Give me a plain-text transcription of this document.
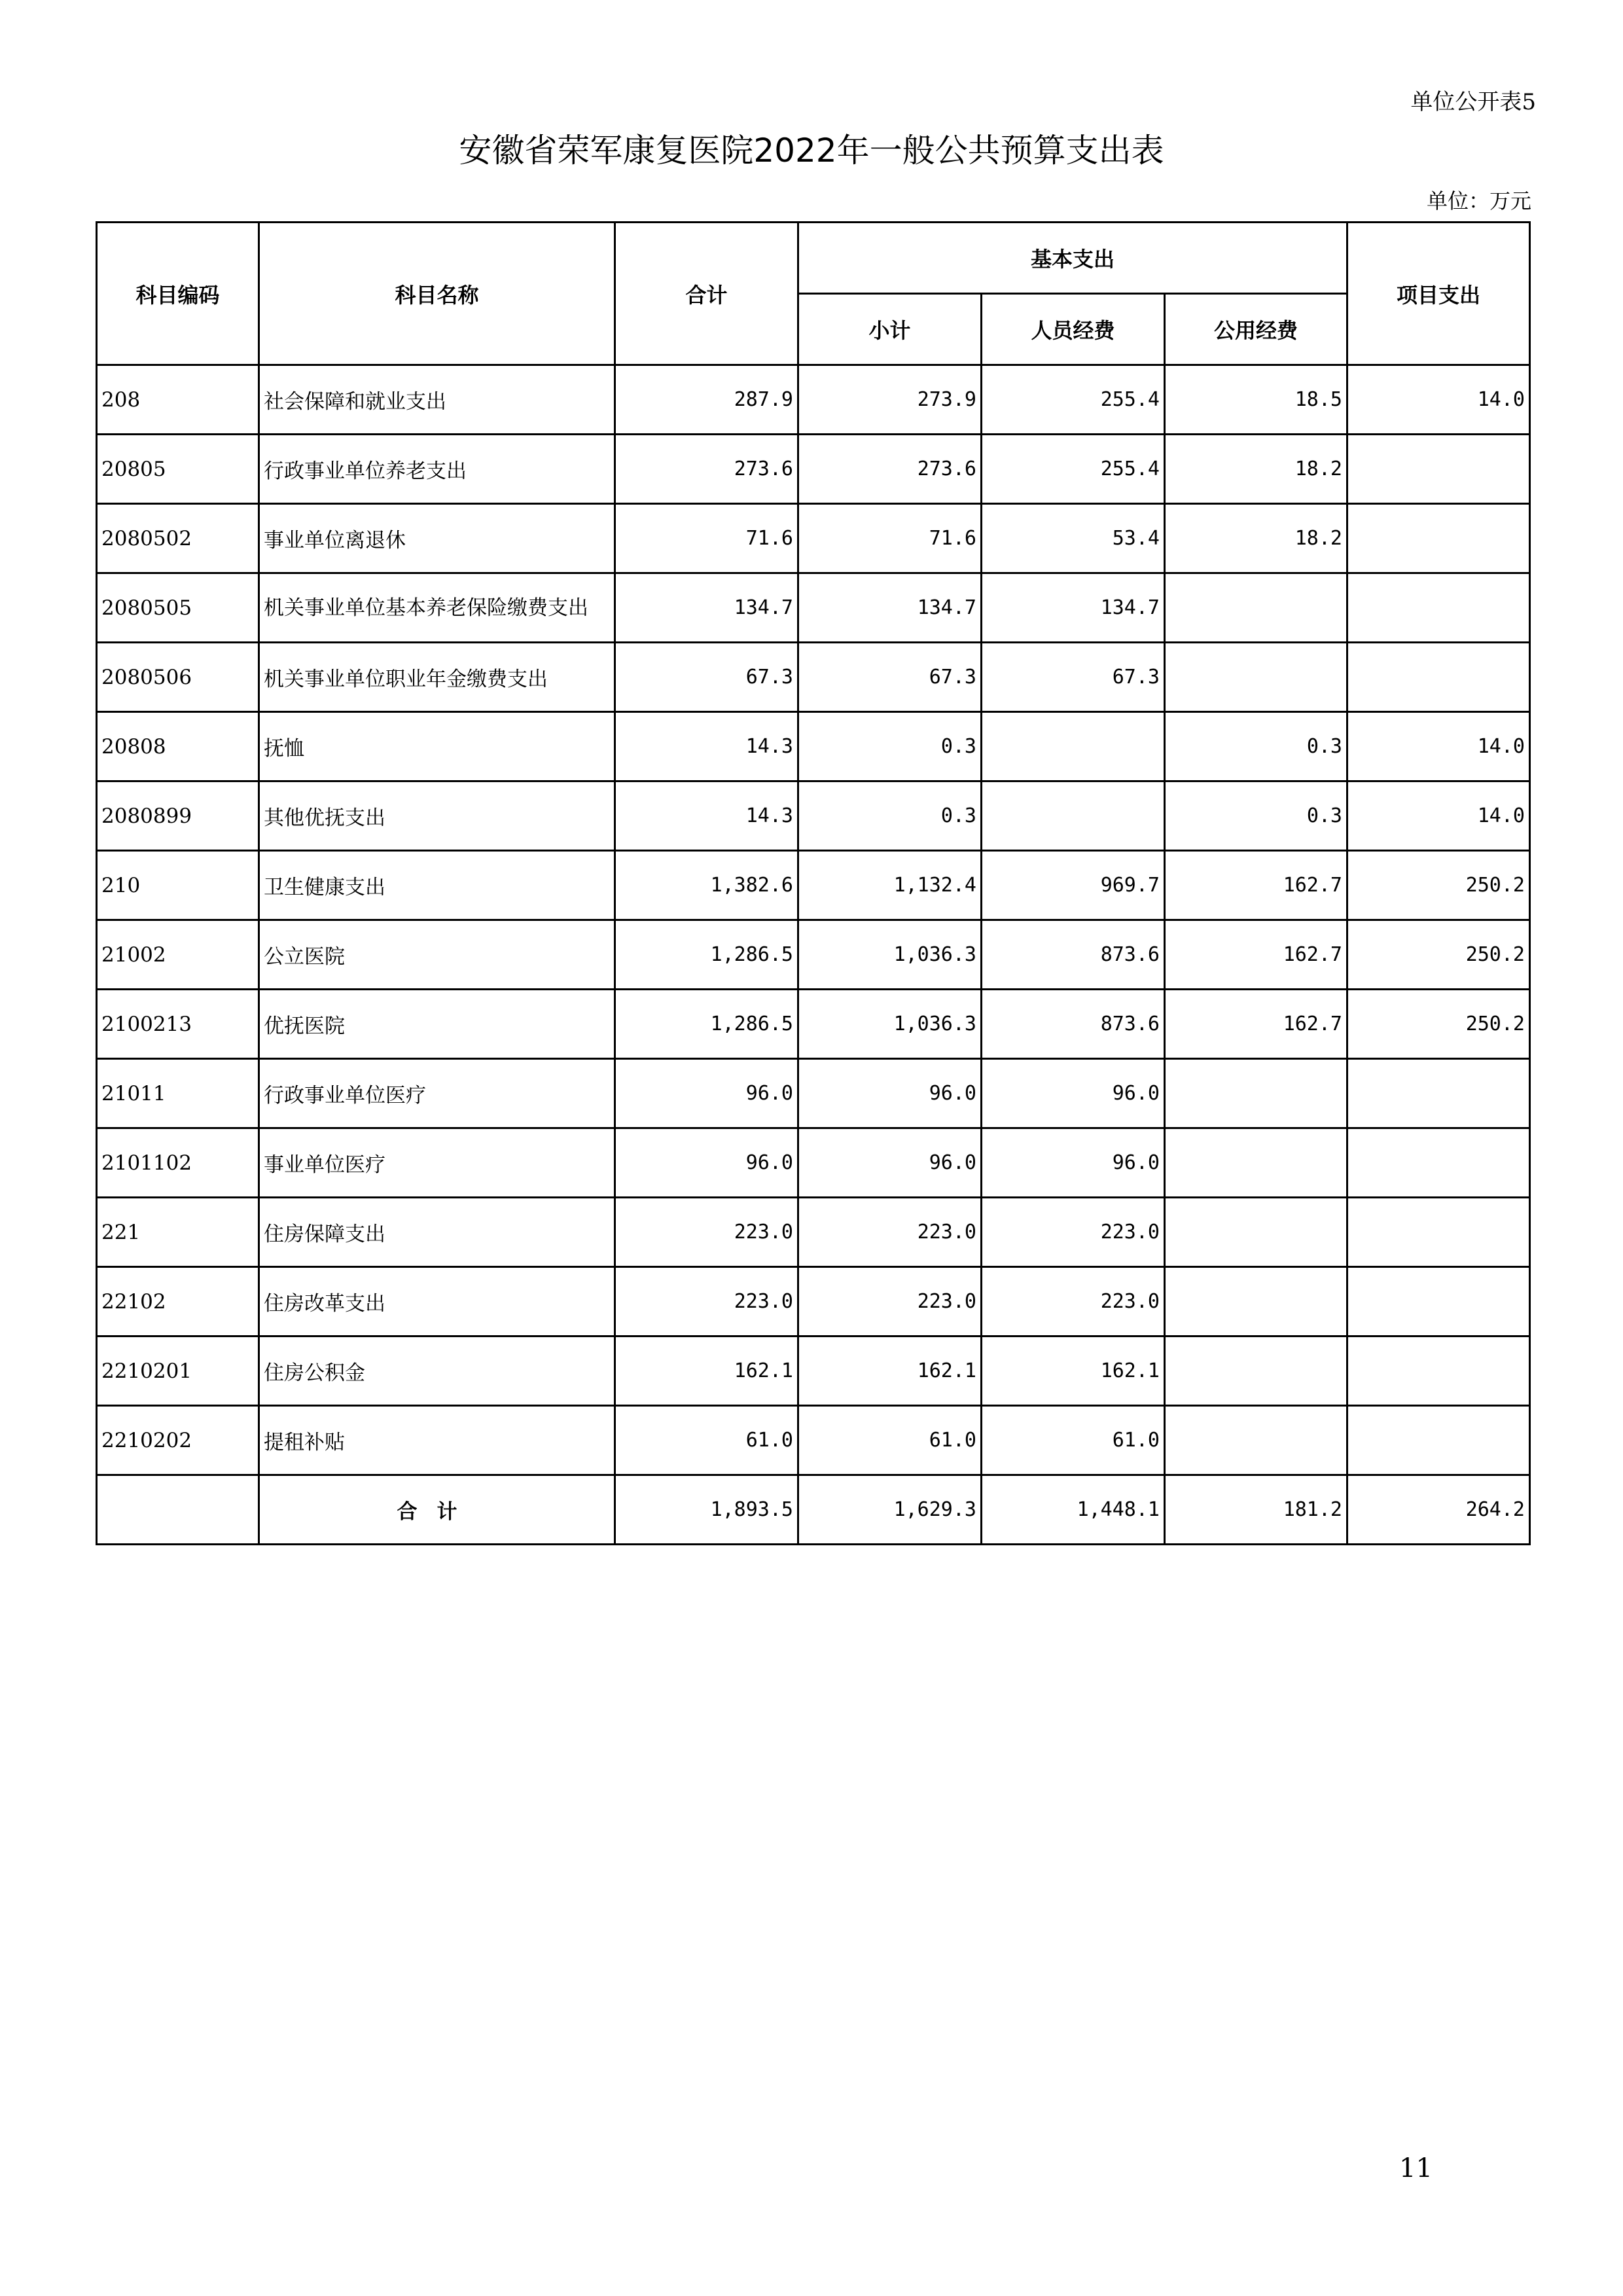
单位公开表5
安徽省荣军康复医院2022年一般公共预算支出表
单位：万元
科目编码	科目名称	合计	基本支出			项目支出
			小计	人员经费	公用经费	
208	社会保障和就业支出	287.9	273.9	255.4	18.5	14.0
20805	行政事业单位养老支出	273.6	273.6	255.4	18.2	
2080502	事业单位离退休	71.6	71.6	53.4	18.2	
2080505	机关事业单位基本养老保险缴费支出	134.7	134.7	134.7		
2080506	机关事业单位职业年金缴费支出	67.3	67.3	67.3		
20808	抚恤	14.3	0.3		0.3	14.0
2080899	其他优抚支出	14.3	0.3		0.3	14.0
210	卫生健康支出	1,382.6	1,132.4	969.7	162.7	250.2
21002	公立医院	1,286.5	1,036.3	873.6	162.7	250.2
2100213	优抚医院	1,286.5	1,036.3	873.6	162.7	250.2
21011	行政事业单位医疗	96.0	96.0	96.0		
2101102	事业单位医疗	96.0	96.0	96.0		
221	住房保障支出	223.0	223.0	223.0		
22102	住房改革支出	223.0	223.0	223.0		
2210201	住房公积金	162.1	162.1	162.1		
2210202	提租补贴	61.0	61.0	61.0		
	合计	1,893.5	1,629.3	1,448.1	181.2	264.2
11
